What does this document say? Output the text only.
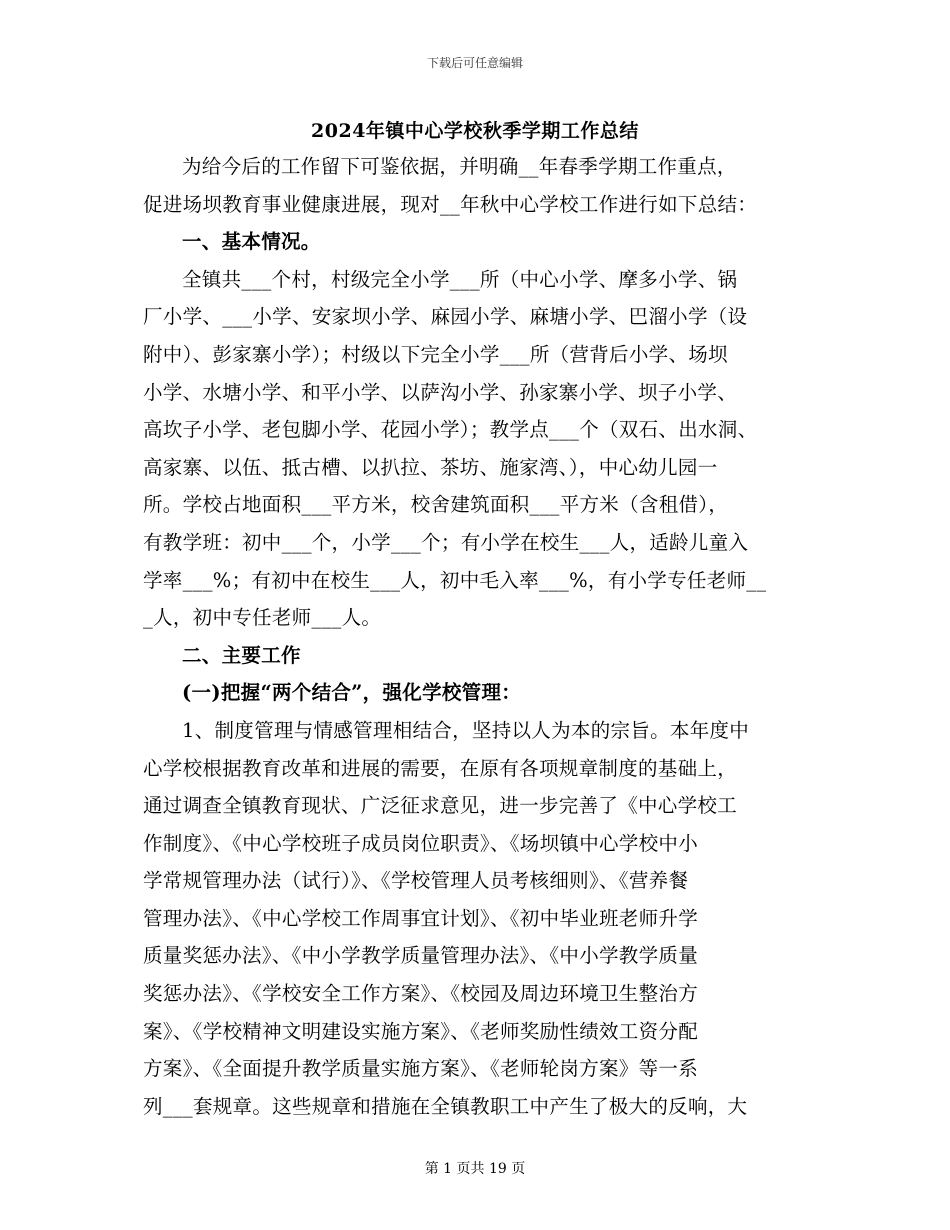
下载后可任意编辑
2024年镇中心学校秋季学期工作总结
为给今后的工作留下可鉴依据，并明确__年春季学期工作重点，
促进场坝教育事业健康进展，现对__年秋中心学校工作进行如下总结：
一、基本情况。
全镇共___个村，村级完全小学___所（中心小学、摩多小学、锅
厂小学、___小学、安家坝小学、麻园小学、麻塘小学、巴溜小学（设
附中）、彭家寨小学）；村级以下完全小学___所（营背后小学、场坝
小学、水塘小学、和平小学、以萨沟小学、孙家寨小学、坝子小学、
高坎子小学、老包脚小学、花园小学）；教学点___个（双石、出水洞、
高家寨、以伍、抵古槽、以扒拉、茶坊、施家湾、），中心幼儿园一
所。学校占地面积___平方米，校舍建筑面积___平方米（含租借），
有教学班：初中___个，小学___个；有小学在校生___人，适龄儿童入
学率___%；有初中在校生___人，初中毛入率___%，有小学专任老师__
_人，初中专任老师___人。
二、主要工作
(一)把握“两个结合”，强化学校管理：
1、制度管理与情感管理相结合，坚持以人为本的宗旨。本年度中
心学校根据教育改革和进展的需要，在原有各项规章制度的基础上，
通过调查全镇教育现状、广泛征求意见，进一步完善了《中心学校工
作制度》、《中心学校班子成员岗位职责》、《场坝镇中心学校中小
学常规管理办法（试行）》、《学校管理人员考核细则》、《营养餐
管理办法》、《中心学校工作周事宜计划》、《初中毕业班老师升学
质量奖惩办法》、《中小学教学质量管理办法》、《中小学教学质量
奖惩办法》、《学校安全工作方案》、《校园及周边环境卫生整治方
案》、《学校精神文明建设实施方案》、《老师奖励性绩效工资分配
方案》、《全面提升教学质量实施方案》、《老师轮岗方案》等一系
列___套规章。这些规章和措施在全镇教职工中产生了极大的反响，大
第 1 页共 19 页
